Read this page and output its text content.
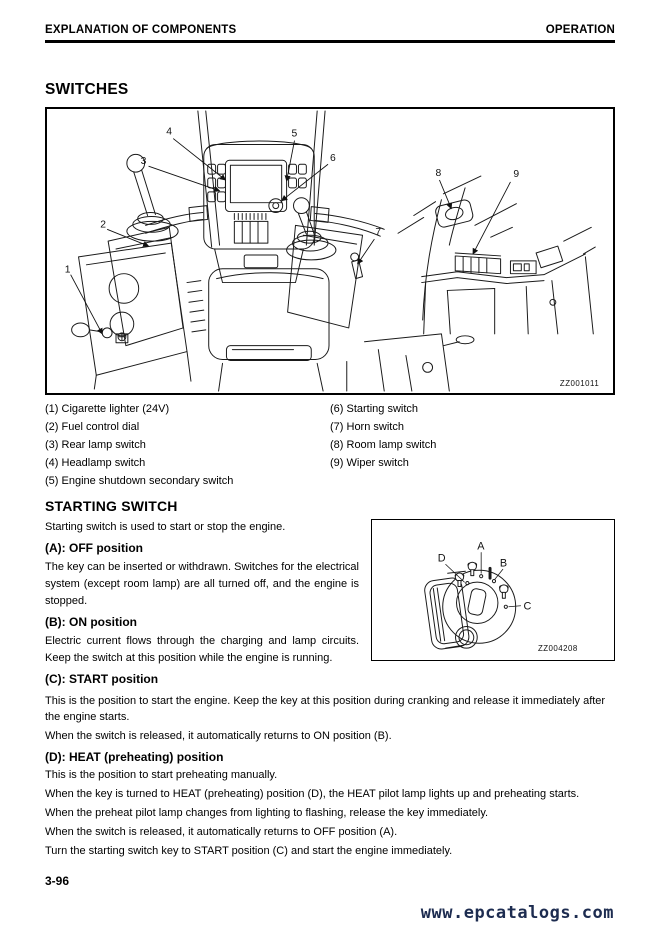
EXPLANATION OF COMPONENTS	OPERATION
SWITCHES
1
2
3
4	5
6
7
8	9
ZZ001011
(1) Cigarette lighter (24V)
(2) Fuel control dial
(3) Rear lamp switch
(4) Headlamp switch
(5) Engine shutdown secondary switch
(6) Starting switch
(7) Horn switch
(8) Room lamp switch
(9) Wiper switch
STARTING SWITCH

Starting switch is used to start or stop the engine.

(A): OFF position

The key can be inserted or withdrawn. Switches for the electrical system (except room lamp) are all turned off, and the engine is stopped.

(B): ON position

Electric current flows through the charging and lamp circuits. Keep the switch at this position while the engine is running.

(C): START position
A
D	B
C
ZZ004208

This is the position to start the engine. Keep the key at this position during cranking and release it immediately after the engine starts.

When the switch is released, it automatically returns to ON position (B).

(D): HEAT (preheating) position

This is the position to start preheating manually.

When the key is turned to HEAT (preheating) position (D), the HEAT pilot lamp lights up and preheating starts.

When the preheat pilot lamp changes from lighting to flashing, release the key immediately.

When the switch is released, it automatically returns to OFF position (A).

Turn the starting switch key to START position (C) and start the engine immediately.

3-96
www.epcatalogs.com
